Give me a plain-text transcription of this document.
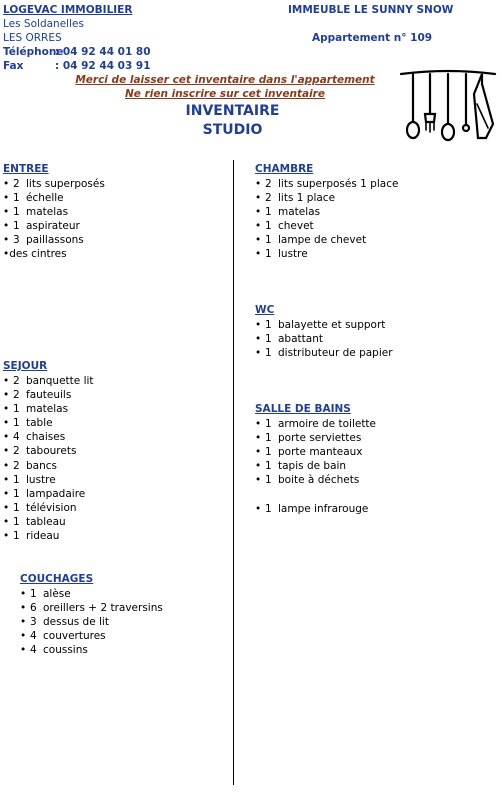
LOGEVAC IMMOBILIER
Les Soldanelles
LES ORRES
Téléphone
: 04 92 44 01 80
Fax	: 04 92 44 03 91
IMMEUBLE LE SUNNY SNOW
Appartement n° 109
Merci de laisser cet inventaire dans l'appartement
Ne rien inscrire sur cet inventaire
INVENTAIRE
STUDIO
ENTREE
• 2 lits superposés
• 1 échelle
• 1 matelas
• 1 aspirateur
• 3 paillassons
•des cintres
SEJOUR
• 2 banquette lit
• 2 fauteuils
• 1 matelas
• 1 table
• 4 chaises
• 2 tabourets
• 2 bancs
• 1 lustre
• 1 lampadaire
• 1 télévision
• 1 tableau
• 1 rideau
COUCHAGES
• 1 alèse
• 6 oreillers + 2 traversins
• 3 dessus de lit
• 4 couvertures
• 4 coussins
CHAMBRE
• 2 lits superposés 1 place
• 2 lits 1 place
• 1 matelas
• 1 chevet
• 1 lampe de chevet
• 1 lustre
WC
• 1 balayette et support
• 1 abattant
• 1 distributeur de papier
SALLE DE BAINS
• 1 armoire de toilette
• 1 porte serviettes
• 1 porte manteaux
• 1 tapis de bain
• 1 boite à déchets
• 1 lampe infrarouge
